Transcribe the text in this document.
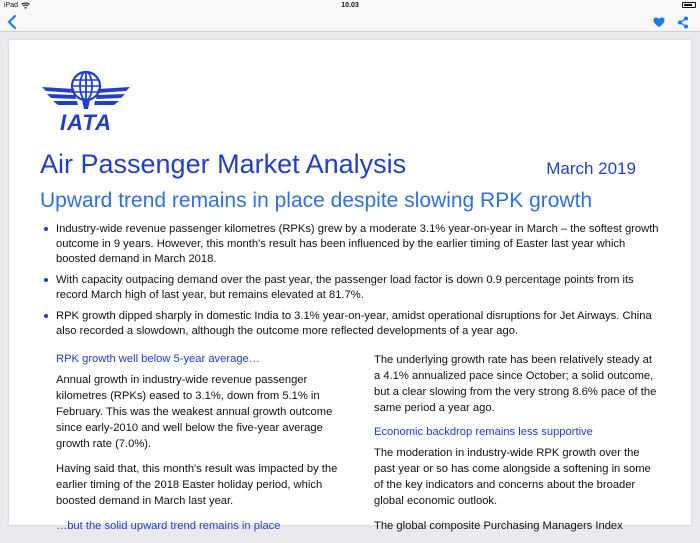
iPad	10.03
IATA
Air Passenger Market Analysis	March 2019
Upward trend remains in place despite slowing RPK growth
Industry-wide revenue passenger kilometres (RPKs) grew by a moderate 3.1% year-on-year in March – the softest growth outcome in 9 years. However, this month's result has been influenced by the earlier timing of Easter last year which boosted demand in March 2018.
With capacity outpacing demand over the past year, the passenger load factor is down 0.9 percentage points from its record March high of last year, but remains elevated at 81.7%.
RPK growth dipped sharply in domestic India to 3.1% year-on-year, amidst operational disruptions for Jet Airways. China also recorded a slowdown, although the outcome more reflected developments of a year ago.
RPK growth well below 5-year average…

Annual growth in industry-wide revenue passenger kilometres (RPKs) eased to 3.1%, down from 5.1% in February. This was the weakest annual growth outcome since early-2010 and well below the five-year average growth rate (7.0%).

Having said that, this month's result was impacted by the earlier timing of the 2018 Easter holiday period, which boosted demand in March last year.

…but the solid upward trend remains in place

The underlying growth rate has been relatively steady at a 4.1% annualized pace since October; a solid outcome, but a clear slowing from the very strong 8.6% pace of the same period a year ago.

Economic backdrop remains less supportive

The moderation in industry-wide RPK growth over the past year or so has come alongside a softening in some of the key indicators and concerns about the broader global economic outlook.

The global composite Purchasing Managers Index
